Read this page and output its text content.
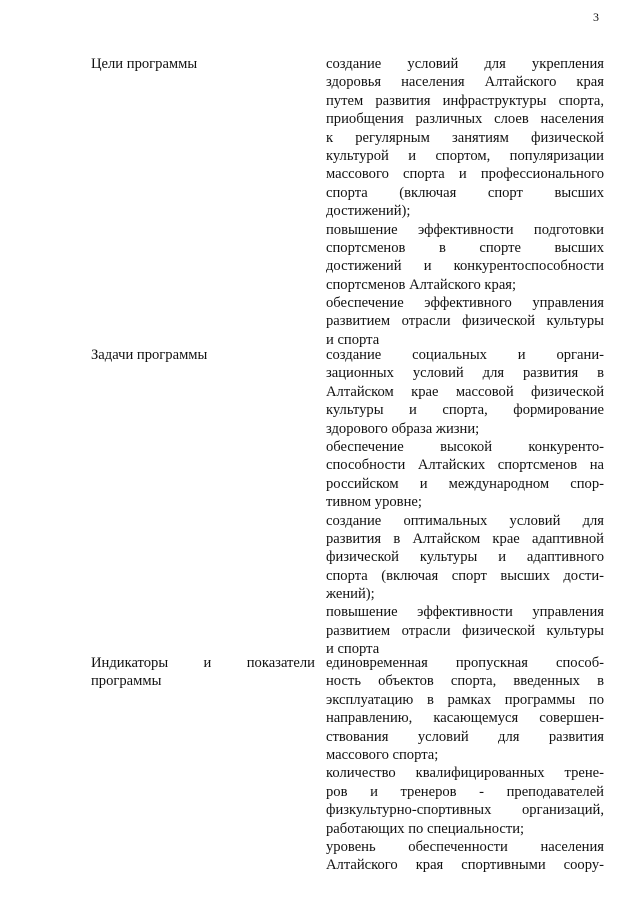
3
Цели программы	создание условий для укрепления
здоровья населения Алтайского края
путем развития инфраструктуры спорта,
приобщения различных слоев населения
к регулярным занятиям физической
культурой и спортом, популяризации
массового спорта и профессионального
спорта (включая спорт высших
достижений);
повышение эффективности подготовки
спортсменов в спорте высших
достижений и конкурентоспособности
спортсменов Алтайского края;
обеспечение эффективного управления
развитием отрасли физической культуры
и спорта
Задачи программы	создание социальных и органи-
зационных условий для развития в
Алтайском крае массовой физической
культуры и спорта, формирование
здорового образа жизни;
обеспечение высокой конкуренто-
способности Алтайских спортсменов на
российском и международном спор-
тивном уровне;
создание оптимальных условий для
развития в Алтайском крае адаптивной
физической культуры и адаптивного
спорта (включая спорт высших дости-
жений);
повышение эффективности управления
развитием отрасли физической культуры
и спорта
Индикаторы и показатели
программы
единовременная пропускная способ-
ность объектов спорта, введенных в
эксплуатацию в рамках программы по
направлению, касающемуся совершен-
ствования условий для развития
массового спорта;
количество квалифицированных трене-
ров и тренеров - преподавателей
физкультурно-спортивных организаций,
работающих по специальности;
уровень обеспеченности населения
Алтайского края спортивными соору-
